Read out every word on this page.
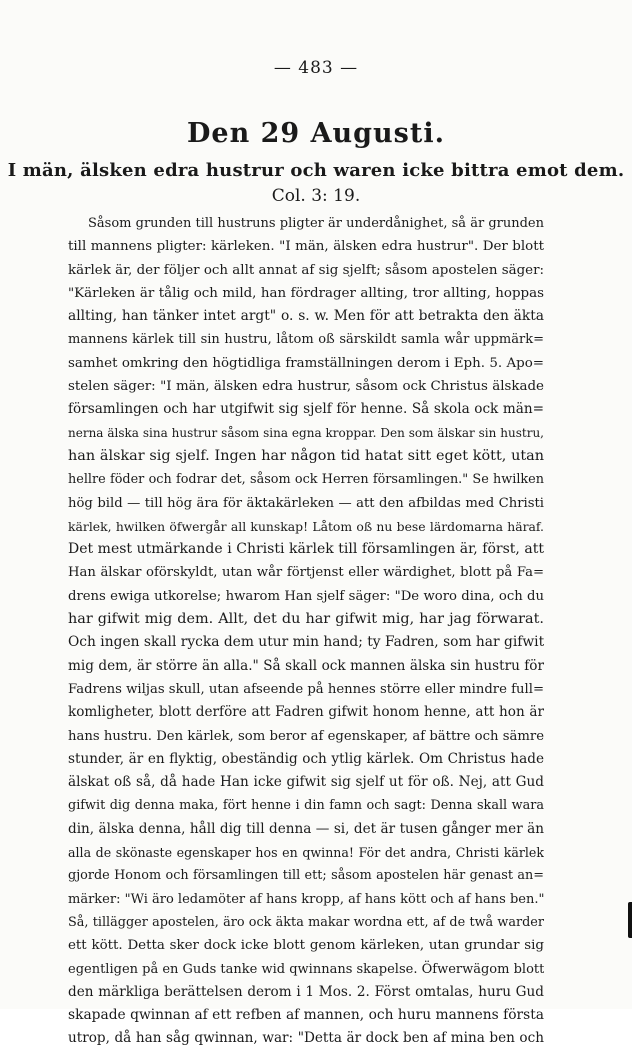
— 483 —
Den 29 Augusti.
I män, älsken edra hustrur och waren icke bittra emot dem.
Col. 3: 19.
Såsom grunden till hustruns pligter är underdånighet, så är grunden
till mannens pligter: kärleken. "I män, älsken edra hustrur". Der blott
kärlek är, der följer och allt annat af sig sjelft; såsom apostelen säger:
"Kärleken är tålig och mild, han fördrager allting, tror allting, hoppas
allting, han tänker intet argt" o. s. w. Men för att betrakta den äkta
mannens kärlek till sin hustru, låtom oß särskildt samla wår uppmärk=
samhet omkring den högtidliga framställningen derom i Eph. 5. Apo=
stelen säger: "I män, älsken edra hustrur, såsom ock Christus älskade
församlingen och har utgifwit sig sjelf för henne. Så skola ock män=
nerna älska sina hustrur såsom sina egna kroppar. Den som älskar sin hustru,
han älskar sig sjelf. Ingen har någon tid hatat sitt eget kött, utan
hellre föder och fodrar det, såsom ock Herren församlingen." Se hwilken
hög bild — till hög ära för äktakärleken — att den afbildas med Christi
kärlek, hwilken öfwergår all kunskap! Låtom oß nu bese lärdomarna häraf.
Det mest utmärkande i Christi kärlek till församlingen är, först, att
Han älskar oförskyldt, utan wår förtjenst eller wärdighet, blott på Fa=
drens ewiga utkorelse; hwarom Han sjelf säger: "De woro dina, och du
har gifwit mig dem. Allt, det du har gifwit mig, har jag förwarat.
Och ingen skall rycka dem utur min hand; ty Fadren, som har gifwit
mig dem, är större än alla." Så skall ock mannen älska sin hustru för
Fadrens wiljas skull, utan afseende på hennes större eller mindre full=
komligheter, blott derföre att Fadren gifwit honom henne, att hon är
hans hustru. Den kärlek, som beror af egenskaper, af bättre och sämre
stunder, är en flyktig, obeständig och ytlig kärlek. Om Christus hade
älskat oß så, då hade Han icke gifwit sig sjelf ut för oß. Nej, att Gud
gifwit dig denna maka, fört henne i din famn och sagt: Denna skall wara
din, älska denna, håll dig till denna — si, det är tusen gånger mer än
alla de skönaste egenskaper hos en qwinna! För det andra, Christi kärlek
gjorde Honom och församlingen till ett; såsom apostelen här genast an=
märker: "Wi äro ledamöter af hans kropp, af hans kött och af hans ben."
Så, tillägger apostelen, äro ock äkta makar wordna ett, af de twå warder
ett kött. Detta sker dock icke blott genom kärleken, utan grundar sig
egentligen på en Guds tanke wid qwinnans skapelse. Öfwerwägom blott
den märkliga berättelsen derom i 1 Mos. 2. Först omtalas, huru Gud
skapade qwinnan af ett refben af mannen, och huru mannens första
utrop, då han såg qwinnan, war: "Detta är dock ben af mina ben och
